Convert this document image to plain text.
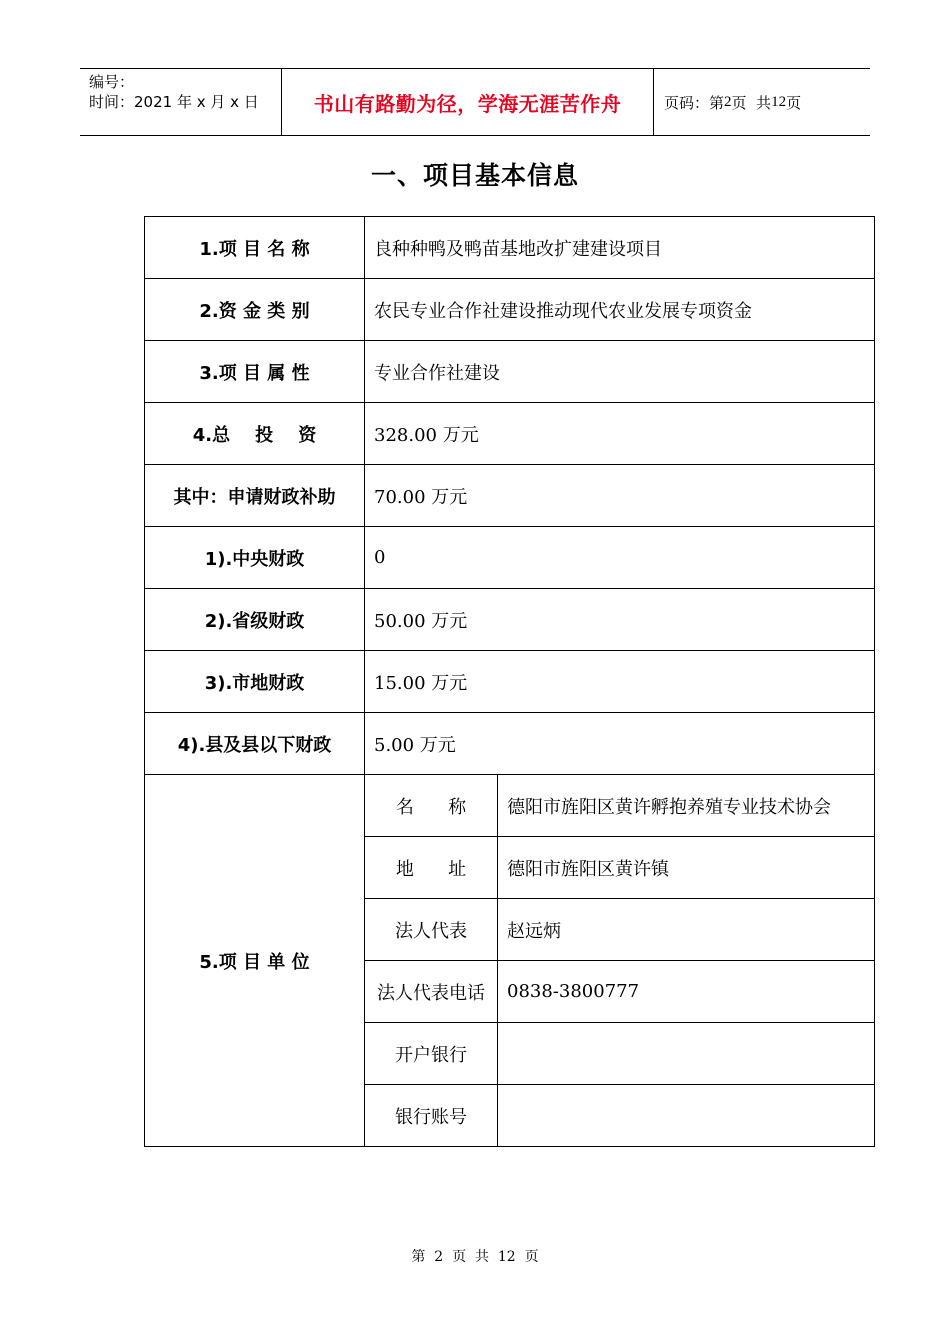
编号：
时间：2021 年 x 月 x 日	书山有路勤为径，学海无涯苦作舟	页码：第 2 页  共 12 页
一、项目基本信息
1.项 目 名 称	良种种鸭及鸭苗基地改扩建建设项目	
2.资 金 类 别	农民专业合作社建设推动现代农业发展专项资金	
3.项 目 属 性	专业合作社建设	
4.总    投    资	328.00 万元	
其中：申请财政补助	70.00 万元	
1).中央财政	0	
2).省级财政	50.00 万元	
3).市地财政	15.00 万元	
4).县及县以下财政	5.00 万元	
5.项 目 单 位	名      称	德阳市旌阳区黄许孵抱养殖专业技术协会
	地      址	德阳市旌阳区黄许镇
	法人代表	赵远炳
	法人代表电话	0838-3800777
	开户银行	
	银行账号	
第  2  页  共  12  页
